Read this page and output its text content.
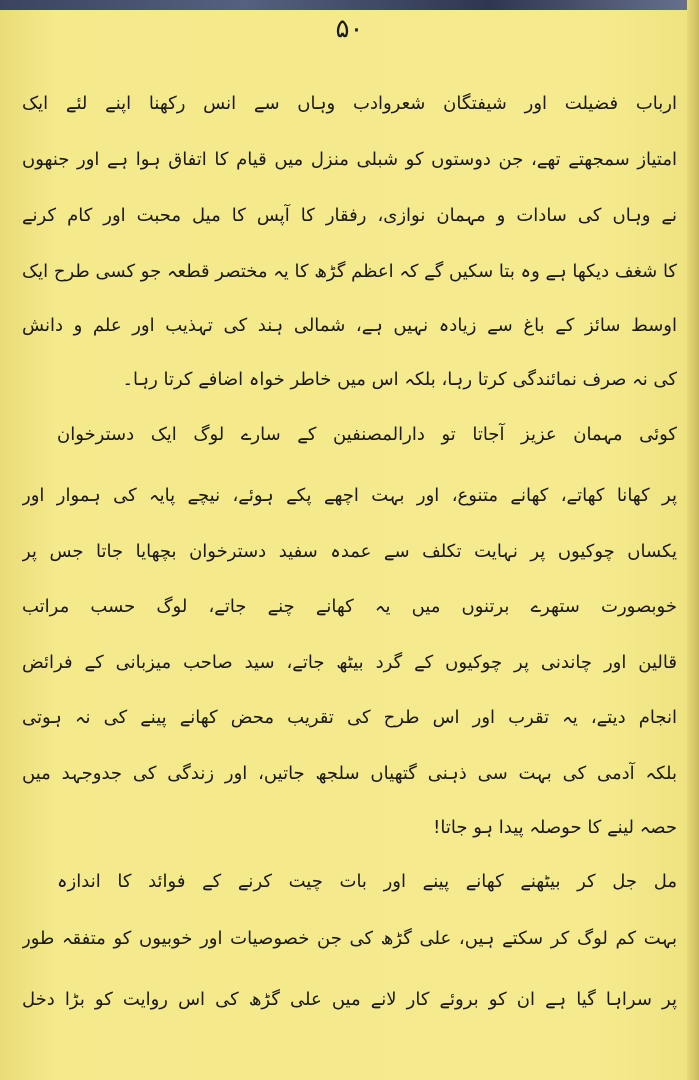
۵۰
ارباب فضیلت اور شیفتگان شعروادب وہاں سے انس رکھنا اپنے لئے ایک
امتیاز سمجھتے تھے، جن دوستوں کو شبلی منزل میں قیام کا اتفاق ہوا ہے اور جنھوں
نے وہاں کی سادات و مہمان نوازی، رفقار کا آپس کا میل محبت اور کام کرنے
کا شغف دیکھا ہے وہ بتا سکیں گے کہ اعظم گڑھ کا یہ مختصر قطعہ جو کسی طرح ایک
اوسط سائز کے باغ سے زیادہ نہیں ہے، شمالی ہند کی تہذیب اور علم و دانش
کی نہ صرف نمائندگی کرتا رہا، بلکہ اس میں خاطر خواہ اضافے کرتا رہا۔
کوئی مہمان عزیز آجاتا تو دارالمصنفین کے سارے لوگ ایک دسترخوان
پر کھانا کھاتے، کھانے متنوع، اور بہت اچھے پکے ہوئے، نیچے پایہ کی ہموار اور
یکساں چوکیوں پر نہایت تکلف سے عمدہ سفید دسترخوان بچھایا جاتا جس پر
خوبصورت ستھرے برتنوں میں یہ کھانے چنے جاتے، لوگ حسب مراتب
قالین اور چاندنی پر چوکیوں کے گرد بیٹھ جاتے، سید صاحب میزبانی کے فرائض
انجام دیتے، یہ تقرب اور اس طرح کی تقریب محض کھانے پینے کی نہ ہوتی
بلکہ آدمی کی بہت سی ذہنی گتھیاں سلجھ جاتیں، اور زندگی کی جدوجہد میں
حصہ لینے کا حوصلہ پیدا ہو جاتا!
مل جل کر بیٹھنے کھانے پینے اور بات چیت کرنے کے فوائد کا اندازہ
بہت کم لوگ کر سکتے ہیں، علی گڑھ کی جن خصوصیات اور خوبیوں کو متفقہ طور
پر سراہا گیا ہے ان کو بروئے کار لانے میں علی گڑھ کی اس روایت کو بڑا دخل
